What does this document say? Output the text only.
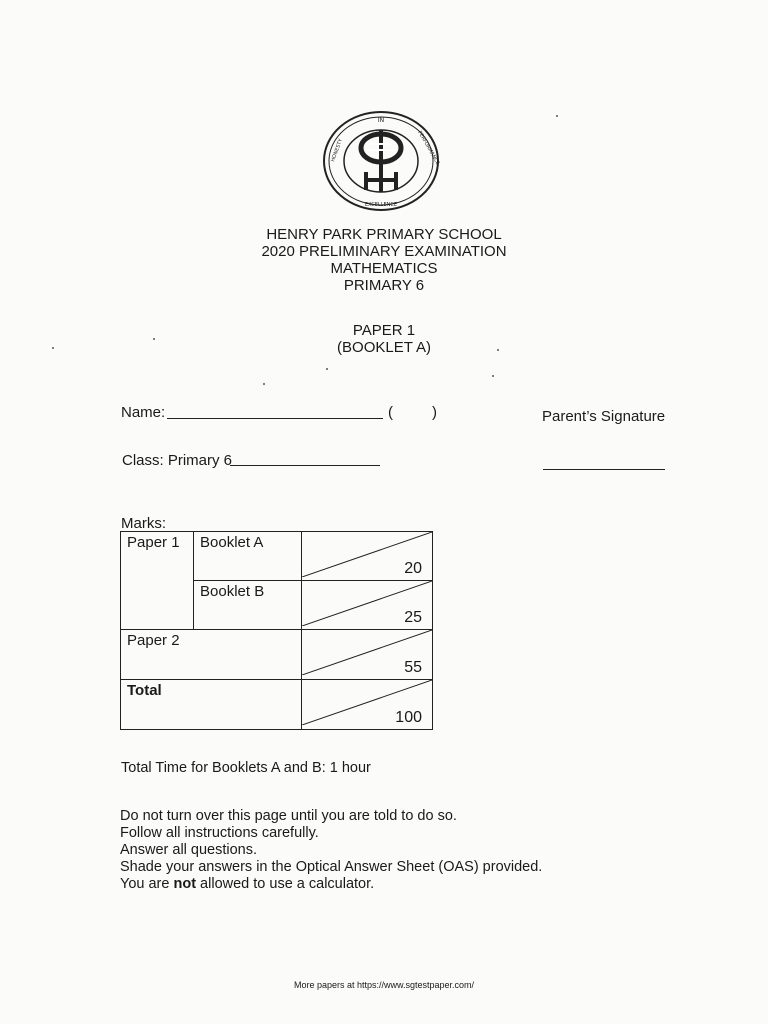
IN
HONESTY	PERFORMANCE
EXCELLENCE
HENRY PARK PRIMARY SCHOOL
2020 PRELIMINARY EXAMINATION
MATHEMATICS
PRIMARY 6
PAPER 1
(BOOKLET A)
Name:	(	)	Parent’s Signature
Class: Primary 6
Marks:
Paper 1	Booklet A	20

	Booklet B	25

Paper 2		55

Total		100
Total Time for Booklets A and B: 1 hour
Do not turn over this page until you are told to do so.
Follow all instructions carefully.
Answer all questions.
Shade your answers in the Optical Answer Sheet (OAS) provided.
You are not allowed to use a calculator.
More papers at https://www.sgtestpaper.com/
